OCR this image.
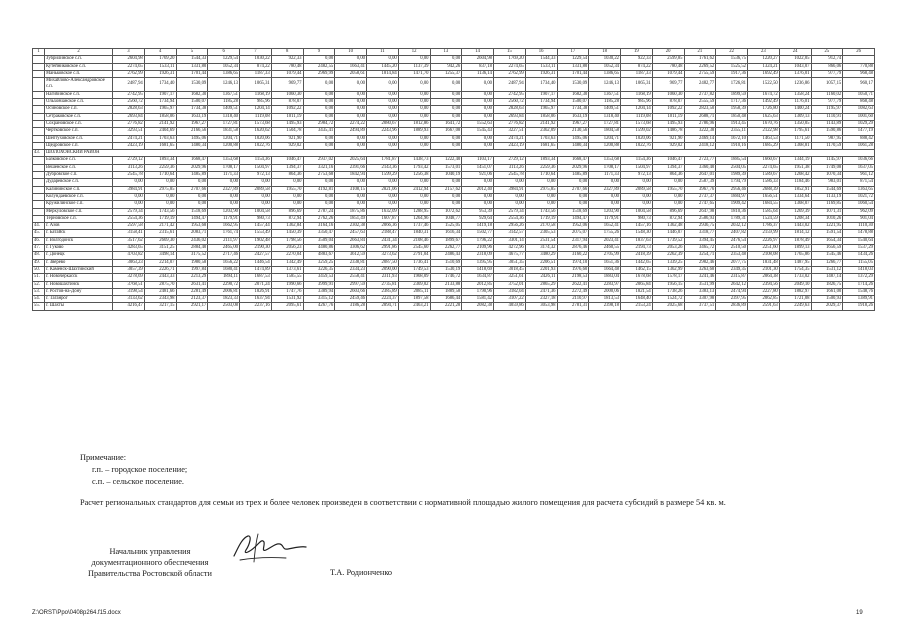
1	2	3	4	5	6	7	8	9	10	11	12	13	14	15	16	17	18	19	20	21	22	23	24	25	26
	Зубрилинское с.п.	2604,98	1769,20	1544,33	1229,54	1030,22	922,33	0,00	0,00	0,00	0,00	0,00	2604,98	1769,20	1544,33	1229,54	1030,22	922,33	2599,85	1761,62	1536,75	1220,27	1022,05	912,74	
	Кутейниковское с.п.	2274,65	1533,11	1331,80	1052,34	874,22	780,48	2482,55	1663,41	1445,20	1137,39	942,26	837,18	2274,65	1533,11	1331,80	1052,34	874,22	780,48	2269,52	1525,52	1324,21	1043,07	866,06	770,88
	Маньковское с.п.	2762,99	1926,31	1701,44	1386,65	1187,33	1079,44	2969,99	2058,61	1814,84	1471,70	1255,37	1136,14	2762,99	1926,31	1701,44	1386,65	1187,33	1079,44	2755,59	1917,36	1692,49	1376,01	977,79	968,48
	Михайлово-Александровское с.п.	2487,94	1734,40	1530,09	1246,13	1065,31	969,77	0,00	0,00	0,00	0,00	0,00	0,00	2487,94	1734,40	1530,09	1246,13	1065,31	969,77	2482,77	1726,81	1522,50	1236,86	1057,15	960,17
	Нагибинское с.п.	2742,95	1907,17	1682,30	1367,51	1168,19	1060,30	0,00	0,00	0,00	0,00	0,00	0,00	2742,95	1907,17	1682,30	1367,51	1168,19	1060,30	2737,82	1899,59	1674,72	1358,24	1160,02	1050,71
	Ольховчанское с.п.	2560,72	1734,94	1500,07	1185,28	985,96	878,07	0,00	0,00	0,00	0,00	0,00	0,00	2560,72	1734,94	1500,07	1185,28	985,96	878,07	2555,59	1717,36	1492,49	1176,01	977,79	868,48
	Осиновское с.п.	2828,63	1965,97	1734,38	1409,51	1204,14	1092,22	0,00	0,00	0,00	0,00	0,00	0,00	2828,63	1965,97	1734,38	1409,51	1204,14	1092,22	2823,50	1958,39	1726,80	1400,24	1195,97	1082,63
	Сетраковское с.п.	2693,84	1858,06	1633,19	1318,40	1119,08	1011,19	0,00	0,00	0,00	0,00	0,00	0,00	2693,84	1858,06	1633,19	1318,40	1119,08	1011,19	2688,71	1850,48	1625,63	1309,13	1110,91	1001,60
	Сохрановское с.п.	2776,82	2141,92	1967,27	1727,81	1573,68	1495,93	2984,72	2274,22	2080,67	1812,86	1641,72	1552,63	2776,82	2141,92	1967,27	1727,81	1573,68	1495,93	2786,96	1913,45	1670,76	1350,05	1143,89	1029,29
	Чертковское с.п.	3293,51	2404,69	2166,56	1831,58	1620,62	1504,78	3435,41	2494,89	2243,96	1889,93	1667,08	1545,43	3227,51	2362,09	2130,56	1804,58	1599,02	1486,78	3222,38	2355,11	2122,98	1795,61	1590,86	1477,19
	Шептуховское с.п.	2474,21	1703,63	1495,06	1204,71	1020,06	921,90	0,00	0,00	0,00	0,00	0,00	0,00	2474,21	1703,63	1495,06	1204,71	1020,06	921,90	2469,14	1672,10	1463,53	1171,50	987,95	888,42
	Щедровское с.п.	2423,19	1681,65	1480,34	1200,88	1022,76	929,02	0,00	0,00	0,00	0,00	0,00	0,00	2423,19	1681,65	1480,34	1200,88	1022,76	929,02	2418,12	1910,16	1685,29	1368,81	1170,59	1061,28
43.	ШОЛОХОВСКИЙ РАЙОН																								
	Базковское с.п.	2729,12	1893,34	1668,47	1353,68	1154,36	1046,47	2937,02	2025,64	1781,87	1438,73	1222,40	1103,17	2729,12	1893,34	1668,47	1353,68	1154,36	1046,47	2723,77	1885,54	1660,67	1344,19	1145,97	1036,66
	Вешенское с.п.	3113,26	2259,36	2029,96	1708,17	1504,97	1394,37	3321,16	2391,66	2143,36	1793,42	1573,01	1451,07	3113,26	2259,36	2029,96	1708,17	1504,97	1394,37	3360,40	2504,05	2274,65	1951,38	1749,08	1637,05
	Дубровское с.п.	2545,78	1710,64	1485,89	1171,33	972,13	864,36	2753,68	1842,94	1599,29	1256,38	1040,19	921,06	2545,78	1710,64	1485,89	1171,33	972,13	864,36	2647,01	1989,39	1589,67	1268,42	1070,34	961,12
	Дударевское с.п.	0,00	0,00	0,00	0,00	0,00	0,00	0,00	0,00	0,00	0,00	0,00	0,00	0,00	0,00	0,00	0,00	0,00	0,00	2587,39	1794,79	1586,33	1184,46	983,01	871,54
	Калининское с.п.	3984,91	2975,85	2707,66	2327,89	2089,58	1955,70	4192,81	3108,15	2821,06	2412,94	2157,62	2012,40	3984,91	2975,85	2707,66	2327,89	2089,58	1955,70	3967,76	2956,46	2688,39	1852,91	1544,69	1363,65
	Колундаевское с.п.	0,00	0,00	0,00	0,00	0,00	0,00	0,00	0,00	0,00	0,00	0,00	0,00	0,00	0,00	0,00	0,00	0,00	0,00	2737,37	1884,97	1656,51	1334,64	1133,19	1021,72
	Кружилинское с.п.	0,00	0,00	0,00	0,00	0,00	0,00	0,00	0,00	0,00	0,00	0,00	0,00	0,00	0,00	0,00	0,00	0,00	0,00	2747,65	1909,42	1684,55	1368,07	1169,85	1060,54
	Меркуловское с.п.	2579,34	1743,56	1518,69	1203,90	1004,58	896,69	2787,24	1875,86	1632,09	1288,95	1072,62	953,39	2579,34	1743,56	1518,69	1203,90	1004,58	896,69	2647,98	1810,36	1585,64	1269,39	1071,31	962,09
	Терновское с.п.	2554,36	1719,19	1494,47	1179,91	980,73	872,94	2762,26	1851,49	1607,87	1264,96	1048,77	929,64	2554,36	1719,19	1494,47	1179,91	980,73	872,94	2586,93	1789,31	1524,59	1208,34	1010,26	901,04
44.	г. Азов	2597,58	2171,42	1953,68	1662,95	1457,44	1362,84	3164,16	2302,38	2066,36	1737,46	1525,05	1419,18	2956,26	2170,58	1952,06	1652,41	1457,16	1362,48	2936,75	2032,12	1786,37	1443,02	1221,95	1110,30
45.	г. Батайск	3158,41	2315,61	2083,71	1761,74	1553,49	1450,39	3350,47	2457,63	2188,47	1840,31	1616,34	1502,77	3142,57	2305,53	2075,07	1755,26	1548,30	1446,07	3318,77	2407,82	2159,99	1814,12	1591,54	1478,88
46.	г. Волгодонск	3517,62	2669,30	2436,02	2111,97	1902,48	1798,56	3509,04	2663,84	2431,34	2108,46	1899,67	1796,22	3301,14	2531,54	2317,94	2023,41	1837,63	1739,52	3394,45	2476,54	2226,97	1878,49	1654,34	1540,64
47.	г. Гуково	4283,65	3151,25	2884,40	2465,00	2190,30	2056,23	4480,86	3306,62	2991,86	2545,60	2262,77	2109,96	4272,96	3174,32	2876,46	2460,55	2194,73	2053,26	3465,72	2510,50	2251,60	1899,13	1656,59	1537,29
48.	г. Донецк	4703,82	3498,14	3175,52	2717,46	2427,57	2270,04	4883,67	3612,59	3273,62	2791,04	2486,43	2318,09	4675,77	3480,29	3160,22	2705,99	2418,39	2262,39	3254,71	2353,48	2108,08	1765,86	1545,46	1434,26
49.	г. Зверево	3063,23	2214,07	1980,58	1656,22	1446,54	1342,49	3259,25	2338,81	2087,50	1736,41	1510,69	1395,95	3051,35	2206,51	1974,10	1651,36	1442,65	1339,25	2982,46	2077,75	1831,48	1487,95	1266,77	1155,05
50.	г. Каменск-Шахтинский	3057,39	2226,71	1997,84	1680,41	1474,89	1373,61	3226,35	2334,23	2090,00	1749,53	1530,19	1418,69	3018,45	2201,93	1976,60	1664,48	1462,15	1362,99	3263,68	2349,35	2101,30	1754,35	1531,12	1418,03
51.	г. Новочеркасск	3278,69	2443,33	2213,29	1894,11	1687,53	1585,55	3459,53	2558,41	2311,93	1968,09	1746,72	1634,87	3251,61	2426,11	2198,53	1883,04	1678,68	1578,17	3241,46	2315,87	2064,38	1733,02	1487,14	1372,29
52.	г. Новошахтинск	3768,51	2875,70	2631,41	2290,72	2071,24	1990,66	3999,91	2997,59	2735,81	2369,02	2133,88	2012,85	3752,01	2865,29	2622,41	2283,97	2065,84	1956,15	3531,99	2642,12	2394,56	2049,10	1826,75	1714,26
53.	г. Ростов-на-Дону	3198,54	2481,66	2281,49	2006,81	1826,91	1747,76	3389,94	2603,66	2385,89	2085,11	1889,58	1790,96	3182,04	2471,36	2272,49	2000,06	1821,54	1738,26	3383,13	2474,94	2227,80	1882,97	1661,00	1548,76
54.	г. Таганрог	3133,62	2343,98	2123,37	1823,33	1637,94	1531,92	3315,12	2459,46	2224,37	1897,58	1686,44	1581,42	3107,22	2327,18	2110,97	1813,53	1648,40	1524,72	3307,98	2397,95	2062,85	1721,08	1500,93	1389,91
55.	г. Шахты	4216,47	3217,15	2921,17	2503,08	2237,16	2095,61	4267,76	3186,28	2894,71	2463,21	2221,28	2082,38	4059,86	3053,98	2781,31	2398,18	2153,24	2025,68	3737,51	2836,89	2591,63	2249,63	2029,37	1918,26
Примечание:
г.п. – городское поселение;
с.п. – сельское поселение.
Расчет региональных стандартов для семьи из трех и более человек произведен в соответствии с нормативной площадью жилого помещения для расчета субсидий в размере 54 кв. м.
Начальник управления
документационного обеспечения
Правительства Ростовской области	Т.А. Родионченко
Z:\ORST\Ppo\0408p264.f15.docx	19
